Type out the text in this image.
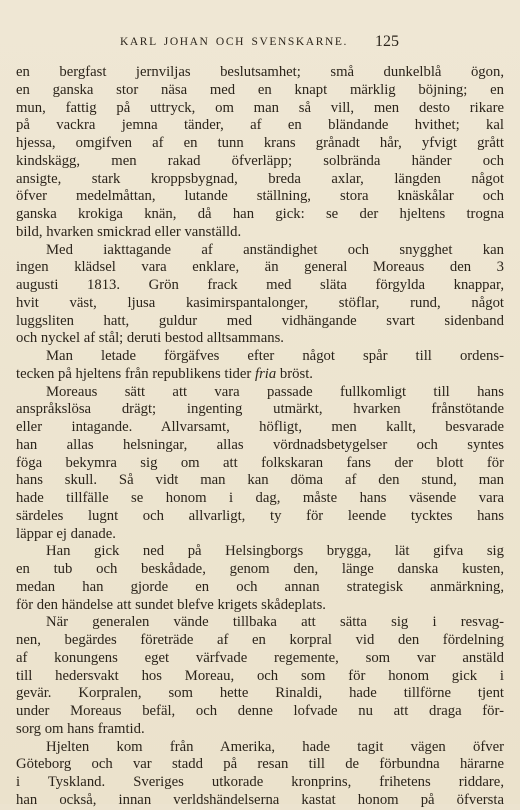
KARL JOHAN OCH SVENSKARNE. 125
en bergfast jernviljas beslutsamhet; små dunkelblå ögon,
en ganska stor näsa med en knapt märklig böjning; en
mun, fattig på uttryck, om man så vill, men desto rikare
på vackra jemna tänder, af en bländande hvithet; kal
hjessa, omgifven af en tunn krans grånadt hår, yfvigt grått
kindskägg, men rakad öfverläpp; solbrända händer och
ansigte, stark kroppsbygnad, breda axlar, längden något
öfver medelmåttan, lutande ställning, stora knäskålar och
ganska krokiga knän, då han gick: se der hjeltens trogna
bild, hvarken smickrad eller vanställd.
Med iakttagande af anständighet och snygghet kan
ingen klädsel vara enklare, än general Moreaus den 3
augusti 1813. Grön frack med släta förgylda knappar,
hvit väst, ljusa kasimirspantalonger, stöflar, rund, något
luggsliten hatt, guldur med vidhängande svart sidenband
och nyckel af stål; deruti bestod alltsammans.
Man letade förgäfves efter något spår till ordens-
tecken på hjeltens från republikens tider fria bröst.
Moreaus sätt att vara passade fullkomligt till hans
anspråkslösa drägt; ingenting utmärkt, hvarken frånstötande
eller intagande. Allvarsamt, höfligt, men kallt, besvarade
han allas helsningar, allas vördnadsbetygelser och syntes
föga bekymra sig om att folkskaran fans der blott för
hans skull. Så vidt man kan döma af den stund, man
hade tillfälle se honom i dag, måste hans väsende vara
särdeles lugnt och allvarligt, ty för leende tycktes hans
läppar ej danade.
Han gick ned på Helsingborgs brygga, lät gifva sig
en tub och beskådade, genom den, länge danska kusten,
medan han gjorde en och annan strategisk anmärkning,
för den händelse att sundet blefve krigets skådeplats.
När generalen vände tillbaka att sätta sig i resvag-
nen, begärdes företräde af en korpral vid den fördelning
af konungens eget värfvade regemente, som var anstäld
till hedersvakt hos Moreau, och som för honom gick i
gevär. Korpralen, som hette Rinaldi, hade tillförne tjent
under Moreaus befäl, och denne lofvade nu att draga för-
sorg om hans framtid.
Hjelten kom från Amerika, hade tagit vägen öfver
Göteborg och var stadd på resan till de förbundna härarne
i Tyskland. Sveriges utkorade kronprins, frihetens riddare,
han också, innan verldshändelserna kastat honom på öfversta
